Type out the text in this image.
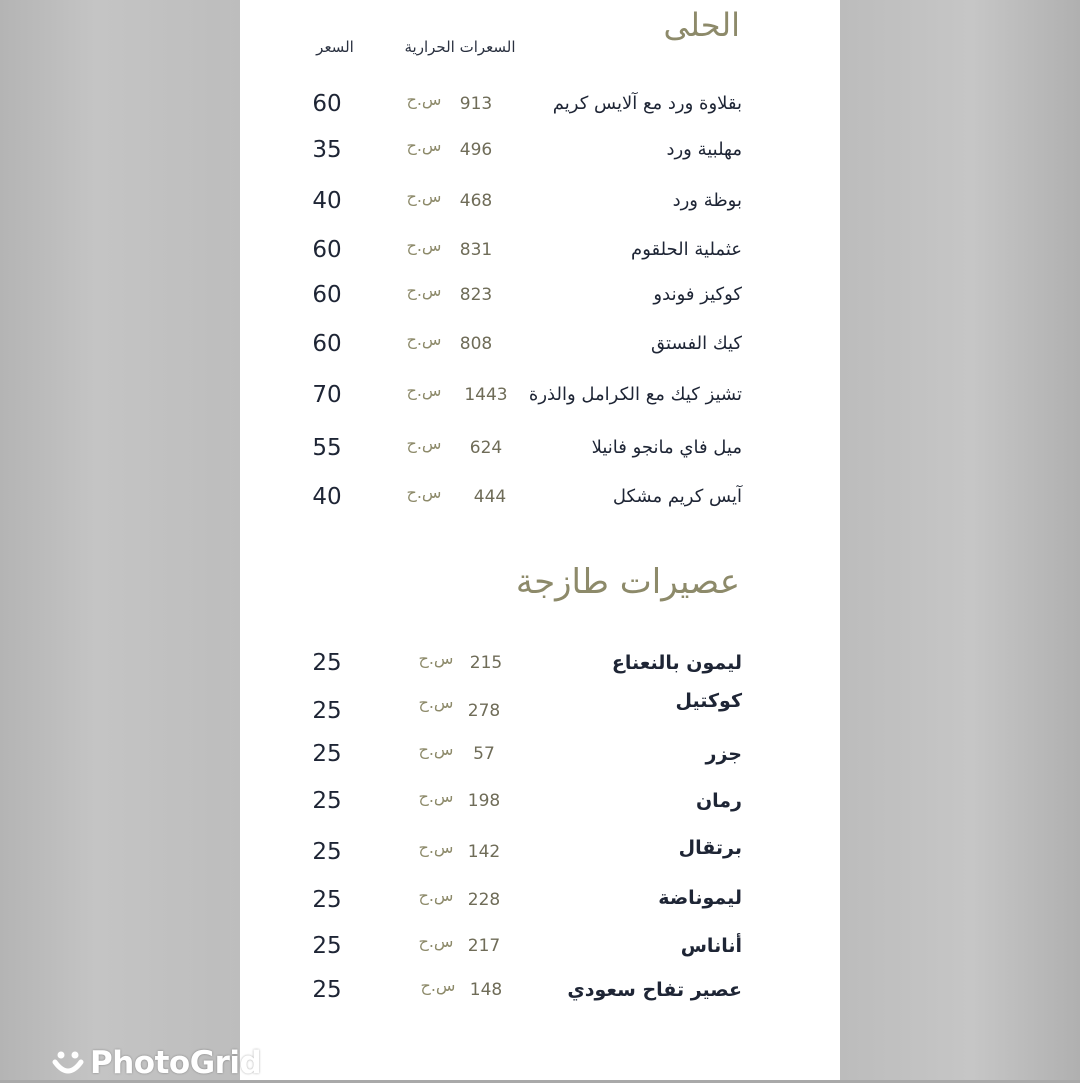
الحلى
السعرات الحرارية
السعر
بقلاوة ورد مع آلايس كريم
913
س.ح
60
مهلبية ورد
496
س.ح
35
بوظة ورد
468
س.ح
40
عثملية الحلقوم
831
س.ح
60
كوكيز فوندو
823
س.ح
60
كيك الفستق
808
س.ح
60
تشيز كيك مع الكرامل والذرة
1443
س.ح
70
ميل فاي مانجو فانيلا
624
س.ح
55
آيس كريم مشكل
444
س.ح
40
عصيرات طازجة
ليمون بالنعناع
215
س.ح
25
كوكتيل
278
س.ح
25
جزر
57
س.ح
25
رمان
198
س.ح
25
برتقال
142
س.ح
25
ليموناضة
228
س.ح
25
أناناس
217
س.ح
25
عصير تفاح سعودي
148
س.ح
25
PhotoGrid
